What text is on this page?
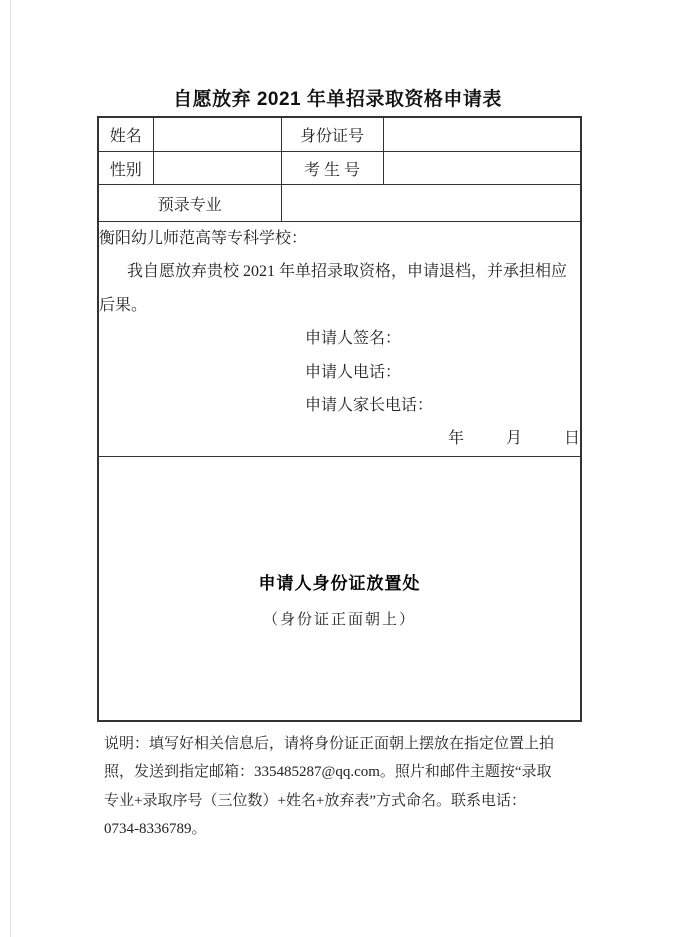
自愿放弃 2021 年单招录取资格申请表
姓名		身份证号	
性别		考 生 号	
预录专业			

衡阳幼儿师范高等专科学校：
我自愿放弃贵校 2021 年单招录取资格，申请退档，并承担相应
后果。
申请人签名：
申请人电话：
申请人家长电话：
年	月	日

申请人身份证放置处
（身份证正面朝上）			
说明：填写好相关信息后，请将身份证正面朝上摆放在指定位置上拍
照，发送到指定邮箱：335485287@qq.com。照片和邮件主题按“录取
专业+录取序号（三位数）+姓名+放弃表”方式命名。联系电话：
0734-8336789。
